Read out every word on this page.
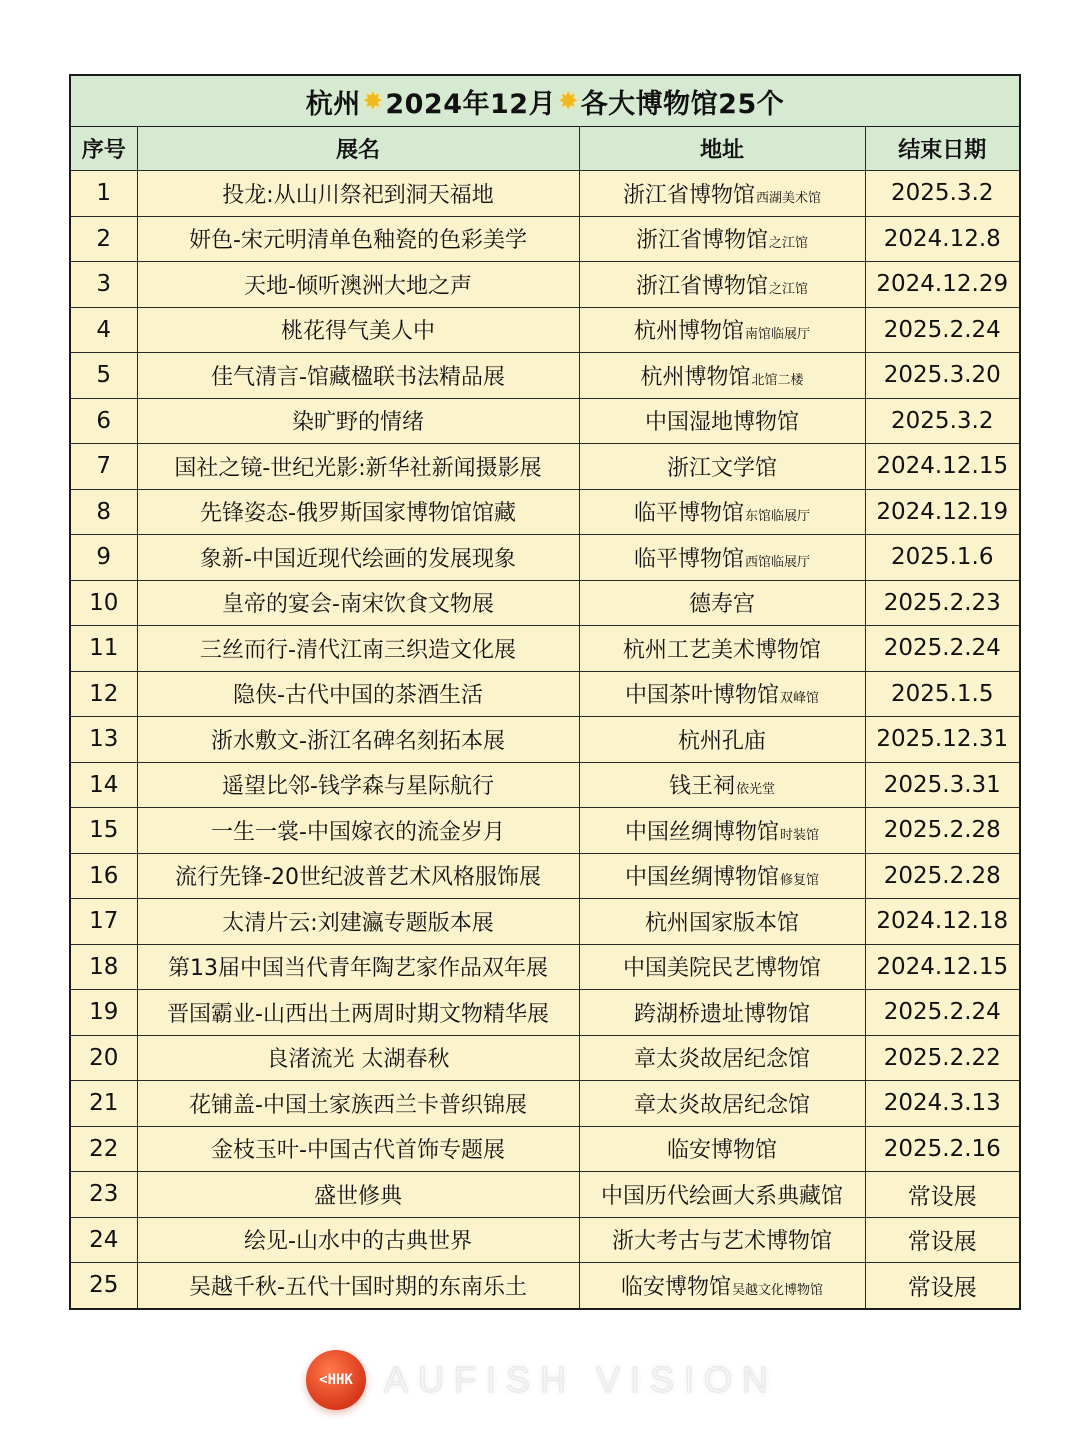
杭州 ✸ 2024年12月 ✸ 各大博物馆25个
序号	展名	地址	结束日期
1	投龙:从山川祭祀到洞天福地	浙江省博物馆西湖美术馆	2025.3.2
2	妍色-宋元明清单色釉瓷的色彩美学	浙江省博物馆之江馆	2024.12.8
3	天地-倾听澳洲大地之声	浙江省博物馆之江馆	2024.12.29
4	桃花得气美人中	杭州博物馆南馆临展厅	2025.2.24
5	佳气清言-馆藏楹联书法精品展	杭州博物馆北馆二楼	2025.3.20
6	染旷野的情绪	中国湿地博物馆	2025.3.2
7	国社之镜-世纪光影:新华社新闻摄影展	浙江文学馆	2024.12.15
8	先锋姿态-俄罗斯国家博物馆馆藏	临平博物馆东馆临展厅	2024.12.19
9	象新-中国近现代绘画的发展现象	临平博物馆西馆临展厅	2025.1.6
10	皇帝的宴会-南宋饮食文物展	德寿宫	2025.2.23
11	三丝而行-清代江南三织造文化展	杭州工艺美术博物馆	2025.2.24
12	隐侠-古代中国的茶酒生活	中国茶叶博物馆双峰馆	2025.1.5
13	浙水敷文-浙江名碑名刻拓本展	杭州孔庙	2025.12.31
14	遥望比邻-钱学森与星际航行	钱王祠依光堂	2025.3.31
15	一生一裳-中国嫁衣的流金岁月	中国丝绸博物馆时装馆	2025.2.28
16	流行先锋-20世纪波普艺术风格服饰展	中国丝绸博物馆修复馆	2025.2.28
17	太清片云:刘建瀛专题版本展	杭州国家版本馆	2024.12.18
18	第13届中国当代青年陶艺家作品双年展	中国美院民艺博物馆	2024.12.15
19	晋国霸业-山西出土两周时期文物精华展	跨湖桥遗址博物馆	2025.2.24
20	良渚流光 太湖春秋	章太炎故居纪念馆	2025.2.22
21	花铺盖-中国土家族西兰卡普织锦展	章太炎故居纪念馆	2024.3.13
22	金枝玉叶-中国古代首饰专题展	临安博物馆	2025.2.16
23	盛世修典	中国历代绘画大系典藏馆	常设展
24	绘见-山水中的古典世界	浙大考古与艺术博物馆	常设展
25	吴越千秋-五代十国时期的东南乐土	临安博物馆吴越文化博物馆	常设展
<HHK AUFISH VISION
